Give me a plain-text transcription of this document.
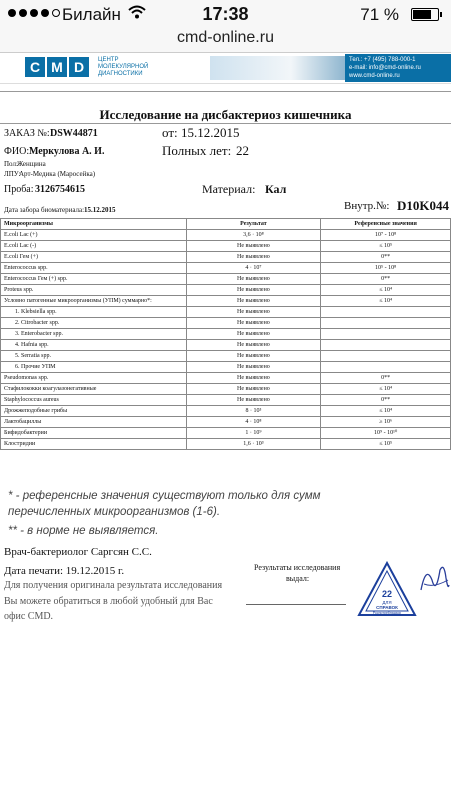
Билайн	17:38	71 %
cmd-online.ru
C M D	ЦЕНТР
МОЛЕКУЛЯРНОЙ
ДИАГНОСТИКИ
Тел.: +7 (495) 788-000-1
e-mail: info@cmd-online.ru
www.cmd-online.ru
Исследование на дисбактериоз кишечника
ЗАКАЗ №: DSW44871	от: 15.12.2015
ФИО: Меркулова А. И.	Полных лет: 22
Пол: Женщина
ЛПУ:
Арт-Медика (Маросейка)
Проба: 3126754615	Материал: Кал
Дата забора биоматериала: 15.12.2015	Внутр.№: D10K044
Микроорганизмы	Результат	Референсные значения
E.coli Lac (+)	3,6 · 10⁸	10⁷ - 10⁸
E.coli Lac (-)	Не выявлено	≤ 10⁵
E.coli Гем (+)	Не выявлено	0**
Enterococcus spp.	4 · 10⁷	10⁵ - 10⁸
Enterococcus Гем (+) spp.	Не выявлено	0**
Proteus spp.	Не выявлено	≤ 10⁴
Условно патогенные микроорганизмы (УПМ) суммарно*:	Не выявлено	≤ 10⁴
1. Klebsiella spp.	Не выявлено	
2. Citrobacter spp.	Не выявлено	
3. Enterobacter spp.	Не выявлено	
4. Hafnia spp.	Не выявлено	
5. Serratia spp.	Не выявлено	
6. Прочие УПМ	Не выявлено	
Pseudomonas spp.	Не выявлено	0**
Стафилококки коагулазонегативные	Не выявлено	≤ 10⁴
Staphylococcus aureus	Не выявлено	0**
Дрожжеподобные грибы	8 · 10³	≤ 10⁴
Лактобациллы	4 · 10⁸	≥ 10⁶
Бифидобактерии	1 · 10⁹	10⁹ - 10¹⁰
Клостридии	1,6 · 10³	≤ 10⁵
* - референсные значения существуют только для сумм
перечисленных микроорганизмов (1-6).
** - в норме не выявляется.
Врач-бактериолог Саргсян С.С.
Дата печати: 19.12.2015 г.
Для получения оригинала результата исследования
Вы можете обратиться в любой удобный для Вас
офис CMD.
Результаты исследования
выдал:
22
ДЛЯ
СПРАВОК
Роспотребнадзор
